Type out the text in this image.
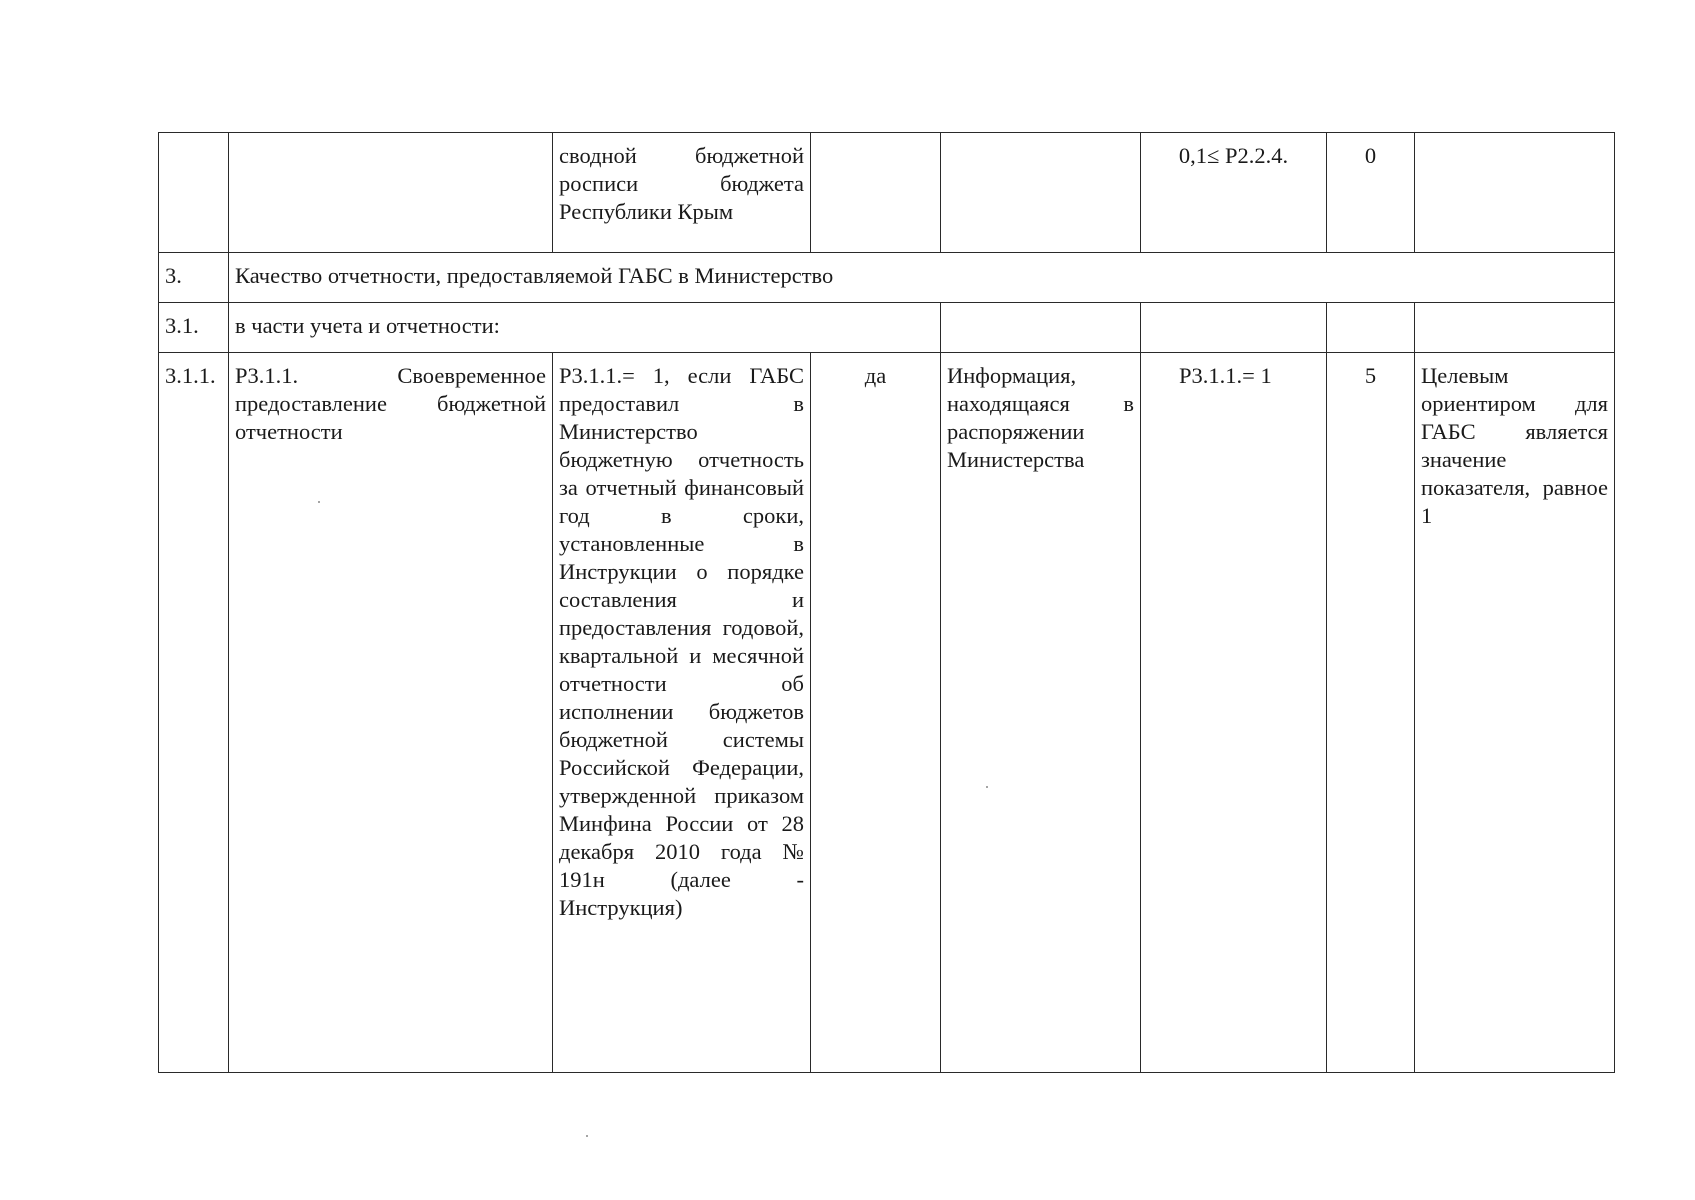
		сводной бюджетной росписи бюджета Республики Крым			0,1≤ Р2.2.4.	0	
3.	Качество отчетности, предоставляемой ГАБС в Министерство						
3.1.	в части учета и отчетности:						
3.1.1.	Р3.1.1. Своевременное предоставление бюджетной отчетности	Р3.1.1.= 1, если ГАБС предоставил в Министерство бюджетную отчетность за отчетный финансовый год в сроки, установленные в Инструкции о порядке составления и предоставления годовой, квартальной и месячной отчетности об исполнении бюджетов бюджетной системы Российской Федерации, утвержденной приказом Минфина России от 28 декабря 2010 года № 191н (далее - Инструкция)	да	Информация, находящаяся в распоряжении Министерства	Р3.1.1.= 1	5	Целевым ориентиром для ГАБС является значение показателя, равное 1
